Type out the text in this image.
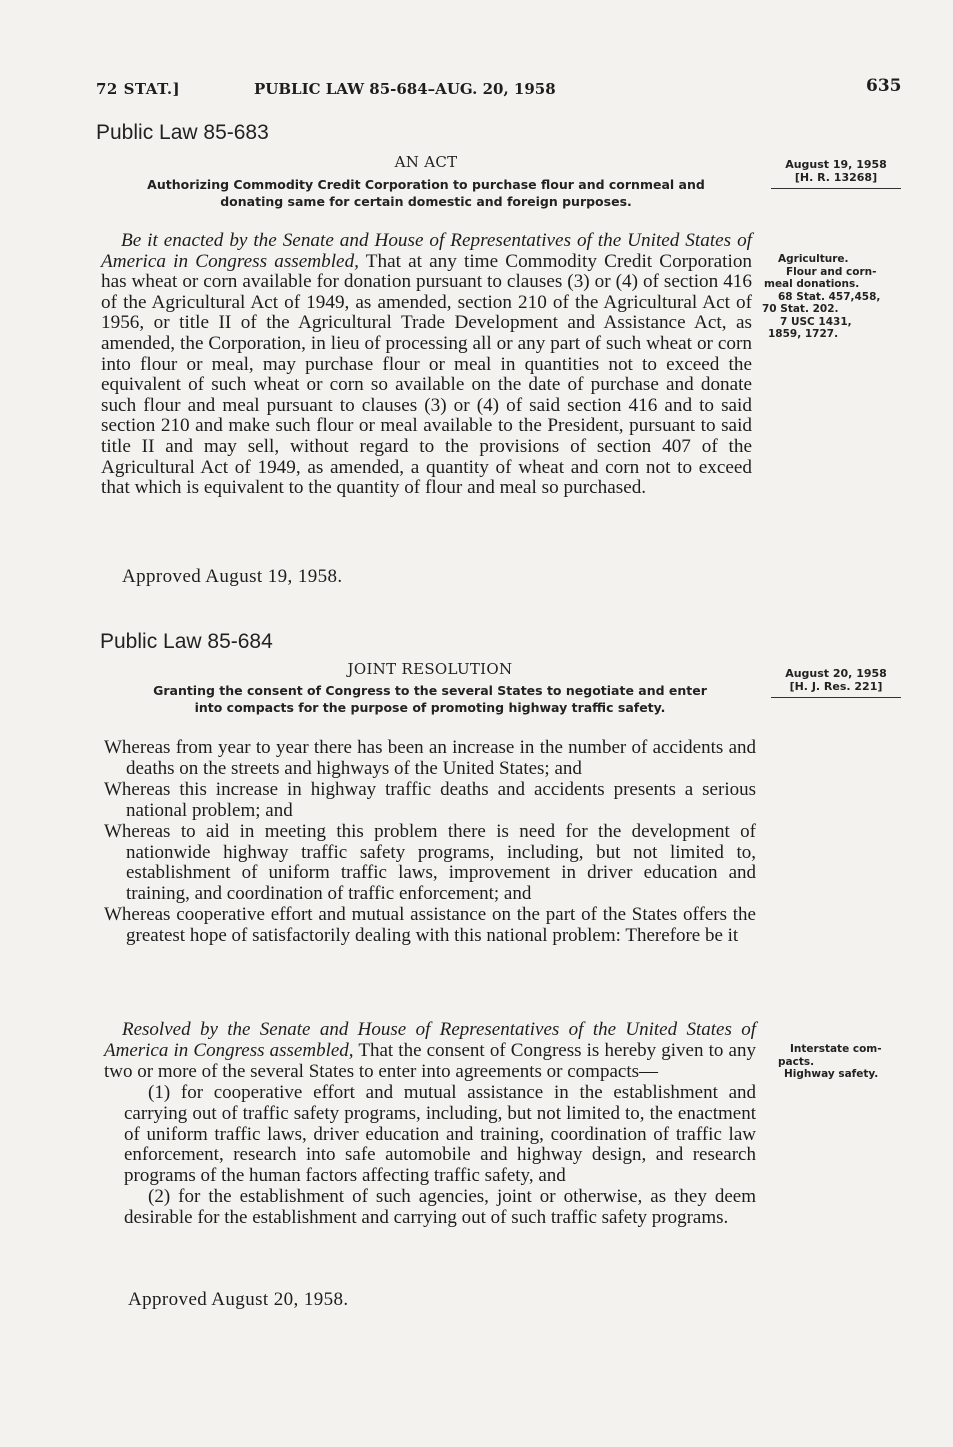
72 STAT.]	PUBLIC LAW 85-684–AUG. 20, 1958	635
Public Law 85-683
AN ACT
Authorizing Commodity Credit Corporation to purchase flour and cornmeal and
donating same for certain domestic and foreign purposes.
August 19, 1958
[H. R. 13268]
Be it enacted by the Senate and House of Representatives of the United States of America in Congress assembled, That at any time Commodity Credit Corporation has wheat or corn available for donation pursuant to clauses (3) or (4) of section 416 of the Agricultural Act of 1949, as amended, section 210 of the Agricultural Act of 1956, or title II of the Agricultural Trade Development and Assistance Act, as amended, the Corporation, in lieu of processing all or any part of such wheat or corn into flour or meal, may purchase flour or meal in quantities not to exceed the equivalent of such wheat or corn so available on the date of purchase and donate such flour and meal pursuant to clauses (3) or (4) of said section 416 and to said section 210 and make such flour or meal available to the President, pursuant to said title II and may sell, without regard to the provisions of section 407 of the Agricultural Act of 1949, as amended, a quantity of wheat and corn not to exceed that which is equivalent to the quantity of flour and meal so purchased.
Approved August 19, 1958.
Agriculture.
Flour and corn-
meal donations.
68 Stat. 457,458,
70 Stat. 202.
7 USC 1431,
1859, 1727.
Public Law 85-684
JOINT RESOLUTION
Granting the consent of Congress to the several States to negotiate and enter
into compacts for the purpose of promoting highway traffic safety.
August 20, 1958
[H. J. Res. 221]

Whereas from year to year there has been an increase in the number of accidents and deaths on the streets and highways of the United States; and

Whereas this increase in highway traffic deaths and accidents presents a serious national problem; and

Whereas to aid in meeting this problem there is need for the development of nationwide highway traffic safety programs, including, but not limited to, establishment of uniform traffic laws, improvement in driver education and training, and coordination of traffic enforcement; and

Whereas cooperative effort and mutual assistance on the part of the States offers the greatest hope of satisfactorily dealing with this national problem: Therefore be it

Resolved by the Senate and House of Representatives of the United States of America in Congress assembled, That the consent of Congress is hereby given to any two or more of the several States to enter into agreements or compacts—

(1) for cooperative effort and mutual assistance in the establishment and carrying out of traffic safety programs, including, but not limited to, the enactment of uniform traffic laws, driver education and training, coordination of traffic law enforcement, research into safe automobile and highway design, and research programs of the human factors affecting traffic safety, and

(2) for the establishment of such agencies, joint or otherwise, as they deem desirable for the establishment and carrying out of such traffic safety programs.

Approved August 20, 1958.
Interstate com-
pacts.
Highway safety.
